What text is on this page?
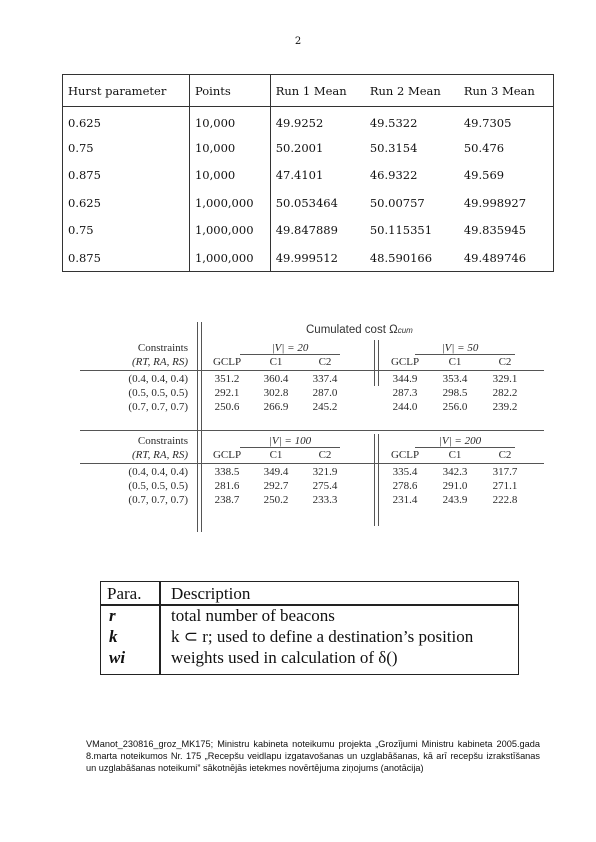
2
Hurst parameter	Points	Run 1 Mean	Run 2 Mean	Run 3 Mean
0.625	10,000	49.9252	49.5322	49.7305
0.75	10,000	50.2001	50.3154	50.476
0.875	10,000	47.4101	46.9322	49.569
0.625	1,000,000	50.053464	50.00757	49.998927
0.75	1,000,000	49.847889	50.115351	49.835945
0.875	1,000,000	49.999512	48.590166	49.489746
Cumulated cost Ωcum
Constraints
(RT, RA, RS)
|V| = 20	|V| = 50
GCLP	C1	C2	GCLP	C1	C2
(0.4, 0.4, 0.4)	351.2	360.4	337.4	344.9	353.4	329.1
(0.5, 0.5, 0.5)	292.1	302.8	287.0	287.3	298.5	282.2
(0.7, 0.7, 0.7)	250.6	266.9	245.2	244.0	256.0	239.2
Constraints
(RT, RA, RS)
|V| = 100	|V| = 200
GCLP	C1	C2	GCLP	C1	C2
(0.4, 0.4, 0.4)	338.5	349.4	321.9	335.4	342.3	317.7
(0.5, 0.5, 0.5)	281.6	292.7	275.4	278.6	291.0	271.1
(0.7, 0.7, 0.7)	238.7	250.2	233.3	231.4	243.9	222.8
Para. Description
r	total number of beacons
k	k ⊂ r; used to define a destination’s position
wi	weights used in calculation of δ()
VManot_230816_groz_MK175; Ministru kabineta noteikumu projekta „Grozījumi Ministru kabineta 2005.gada 8.marta noteikumos Nr. 175 „Recepšu veidlapu izgatavošanas un uzglabāšanas, kā arī recepšu izrakstīšanas un uzglabāšanas noteikumi” sākotnējās ietekmes novērtējuma ziņojums (anotācija)
